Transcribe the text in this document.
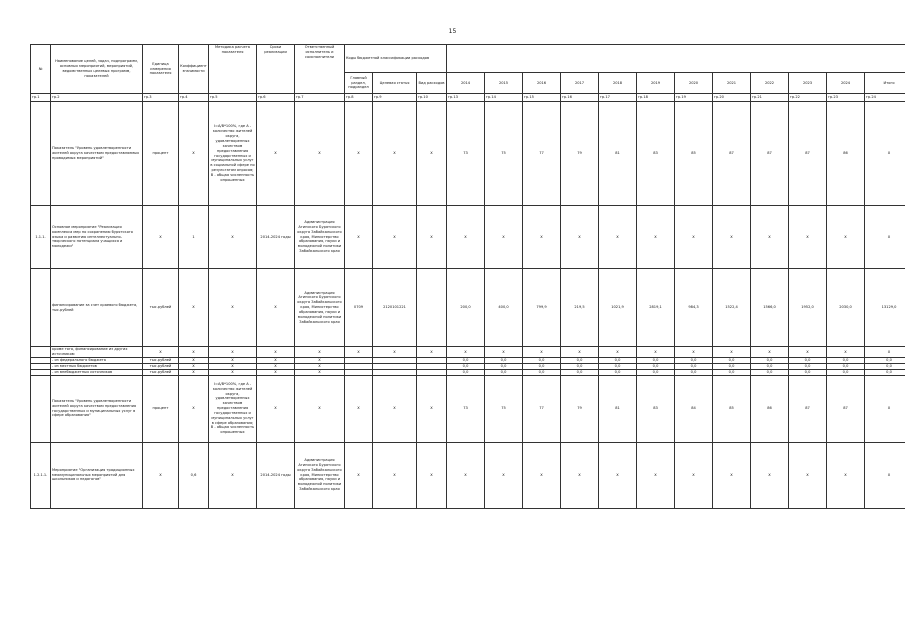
15
№	Наименование целей, задач, подпрограмм, основных мероприятий, мероприятий, ведомственных целевых программ, показателей	Единица измерения показателя	Коэффициент значимости	Методика расчета показателя	Сроки реализации	Ответственный исполнитель и соисполнители	Коды бюджетной классификации расходов														
							Главный раздел, подраздел	Целевая статья	Вид расходов	2014	2015	2016	2017	2018	2019	2020	2021	2022	2023	2024	Итого
гр.1	гр.2	гр.3	гр.4	гр.5	гр.6	гр.7	гр.8	гр.9	гр.10	гр.13	гр.14	гр.15	гр.16	гр.17	гр.18	гр.19	гр.20	гр.21	гр.22	гр.23	гр.24
	Показатель "Уровень удовлетворенности жителей округа качеством предоставляемых проводимых мероприятий"	процент	X	I=A/B*100%, где А - количество жителей округа, удовлетворенных качеством предоставления государственных и муниципальных услуг в социальной сфере по результатам опросов; В - общая численность опрошенных	X	X	X	X	X	73	75	77	79	81	83	85	87	87	87	86	X
1.1.1.	Основное мероприятие "Реализация комплекса мер по сохранению бурятского языка и развитию интеллектуально-творческого потенциала учащихся и молодежи"	X	1	X	2014-2024 годы	Администрация Агинского Бурятского округа Забайкальского края, Министерство образования, науки и молодежной политики Забайкальского края	X	X	X	X	X	X	X	X	X	X	X	X	X	X	X
	финансирование за счет краевого бюджета, тыс.рублей	тыс.рублей	X	X	X	Администрация Агинского Бурятского округа Забайкальского края, Министерство образования, науки и молодежной политики Забайкальского края	0709	2120101221		200,0	400,0	799,9	219,5	1021,9	2819,1	984,3	1522,4	1566,0	1952,0	2030,0	13129,0
	кроме того, финансирование из других источников:	X	X	X	X	X	X	X	X	X	X	X	X	X	X	X	X	X	X	X	X
	- из федерального бюджета	тыс.рублей	X	X	X	X				0,0	0,0	0,0	0,0	0,0	0,0	0,0	0,0	0,0	0,0	0,0	0,0
	- из местных бюджетов	тыс.рублей	X	X	X	X				0,0	0,0	0,0	0,0	0,0	0,0	0,0	0,0	0,0	0,0	0,0	0,0
	- из внебюджетных источников	тыс.рублей	X	X	X	X				0,0	0,0	0,0	0,0	0,0	0,0	0,0	0,0	0,0	0,0	0,0	0,0
	Показатель "Уровень удовлетворенности жителей округа качеством предоставления государственных и муниципальных услуг в сфере образования"	процент	X	I=A/B*100%, где А - количество жителей округа, удовлетворенных качеством предоставления государственных и муниципальных услуг в сфере образования; В - общая численность опрошенных	X	X	X	X	X	73	75	77	79	81	83	84	85	86	87	87	X
1.2.1.1.	Мероприятие "Организация традиционных межмуниципальных мероприятий для школьников и педагогов"	X	0,6	X	2014-2024 годы	Администрация Агинского Бурятского округа Забайкальского края, Министерство образования, науки и молодежной политики Забайкальского края	X	X	X	X	X	X	X	X	X	X	X	X	X	X	X
